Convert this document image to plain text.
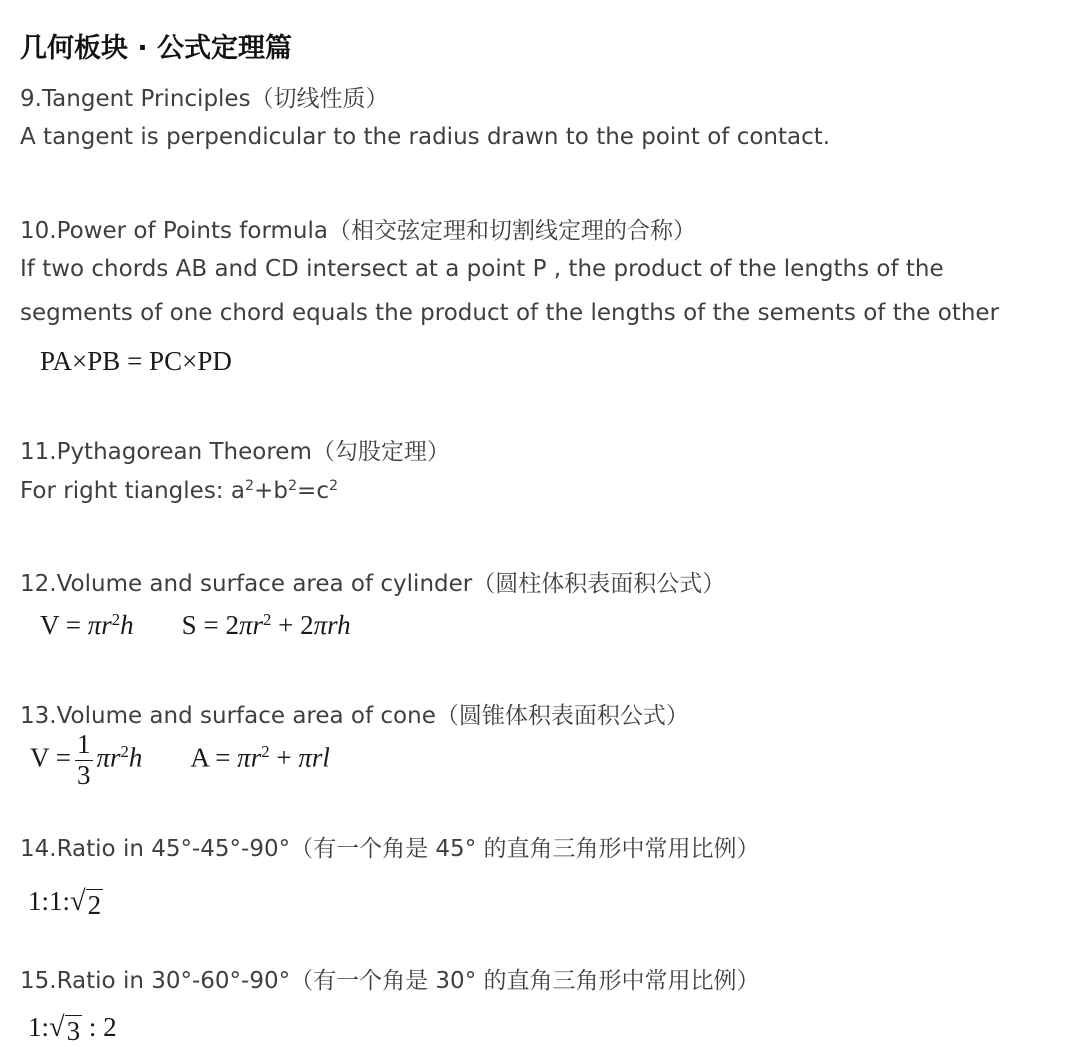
几何板块 · 公式定理篇
9.Tangent Principles（切线性质）
A tangent is perpendicular to the radius drawn to the point of contact.
10.Power of Points formula（相交弦定理和切割线定理的合称）
If two chords AB and CD intersect at a point P , the product of the lengths of the
segments of one chord equals the product of the lengths of the sements of the other
PA×PB = PC×PD
11.Pythagorean Theorem（勾股定理）
For right tiangles: $a^2+b^2=c^2$
12.Volume and surface area of cylinder（圆柱体积表面积公式）
$V = \pi r^2h$ $S = 2\pi r^2 + 2\pi rh$
13.Volume and surface area of cone（圆锥体积表面积公式）
$V = \frac{1}{3} \pi r^2h$ $A = \pi r^2 + \pi rl$
14.Ratio in 45°-45°-90°（有一个角是 45° 的直角三角形中常用比例）
1:1: √ 2
15.Ratio in 30°-60°-90°（有一个角是 30° 的直角三角形中常用比例）
1: √ 3 : 2
